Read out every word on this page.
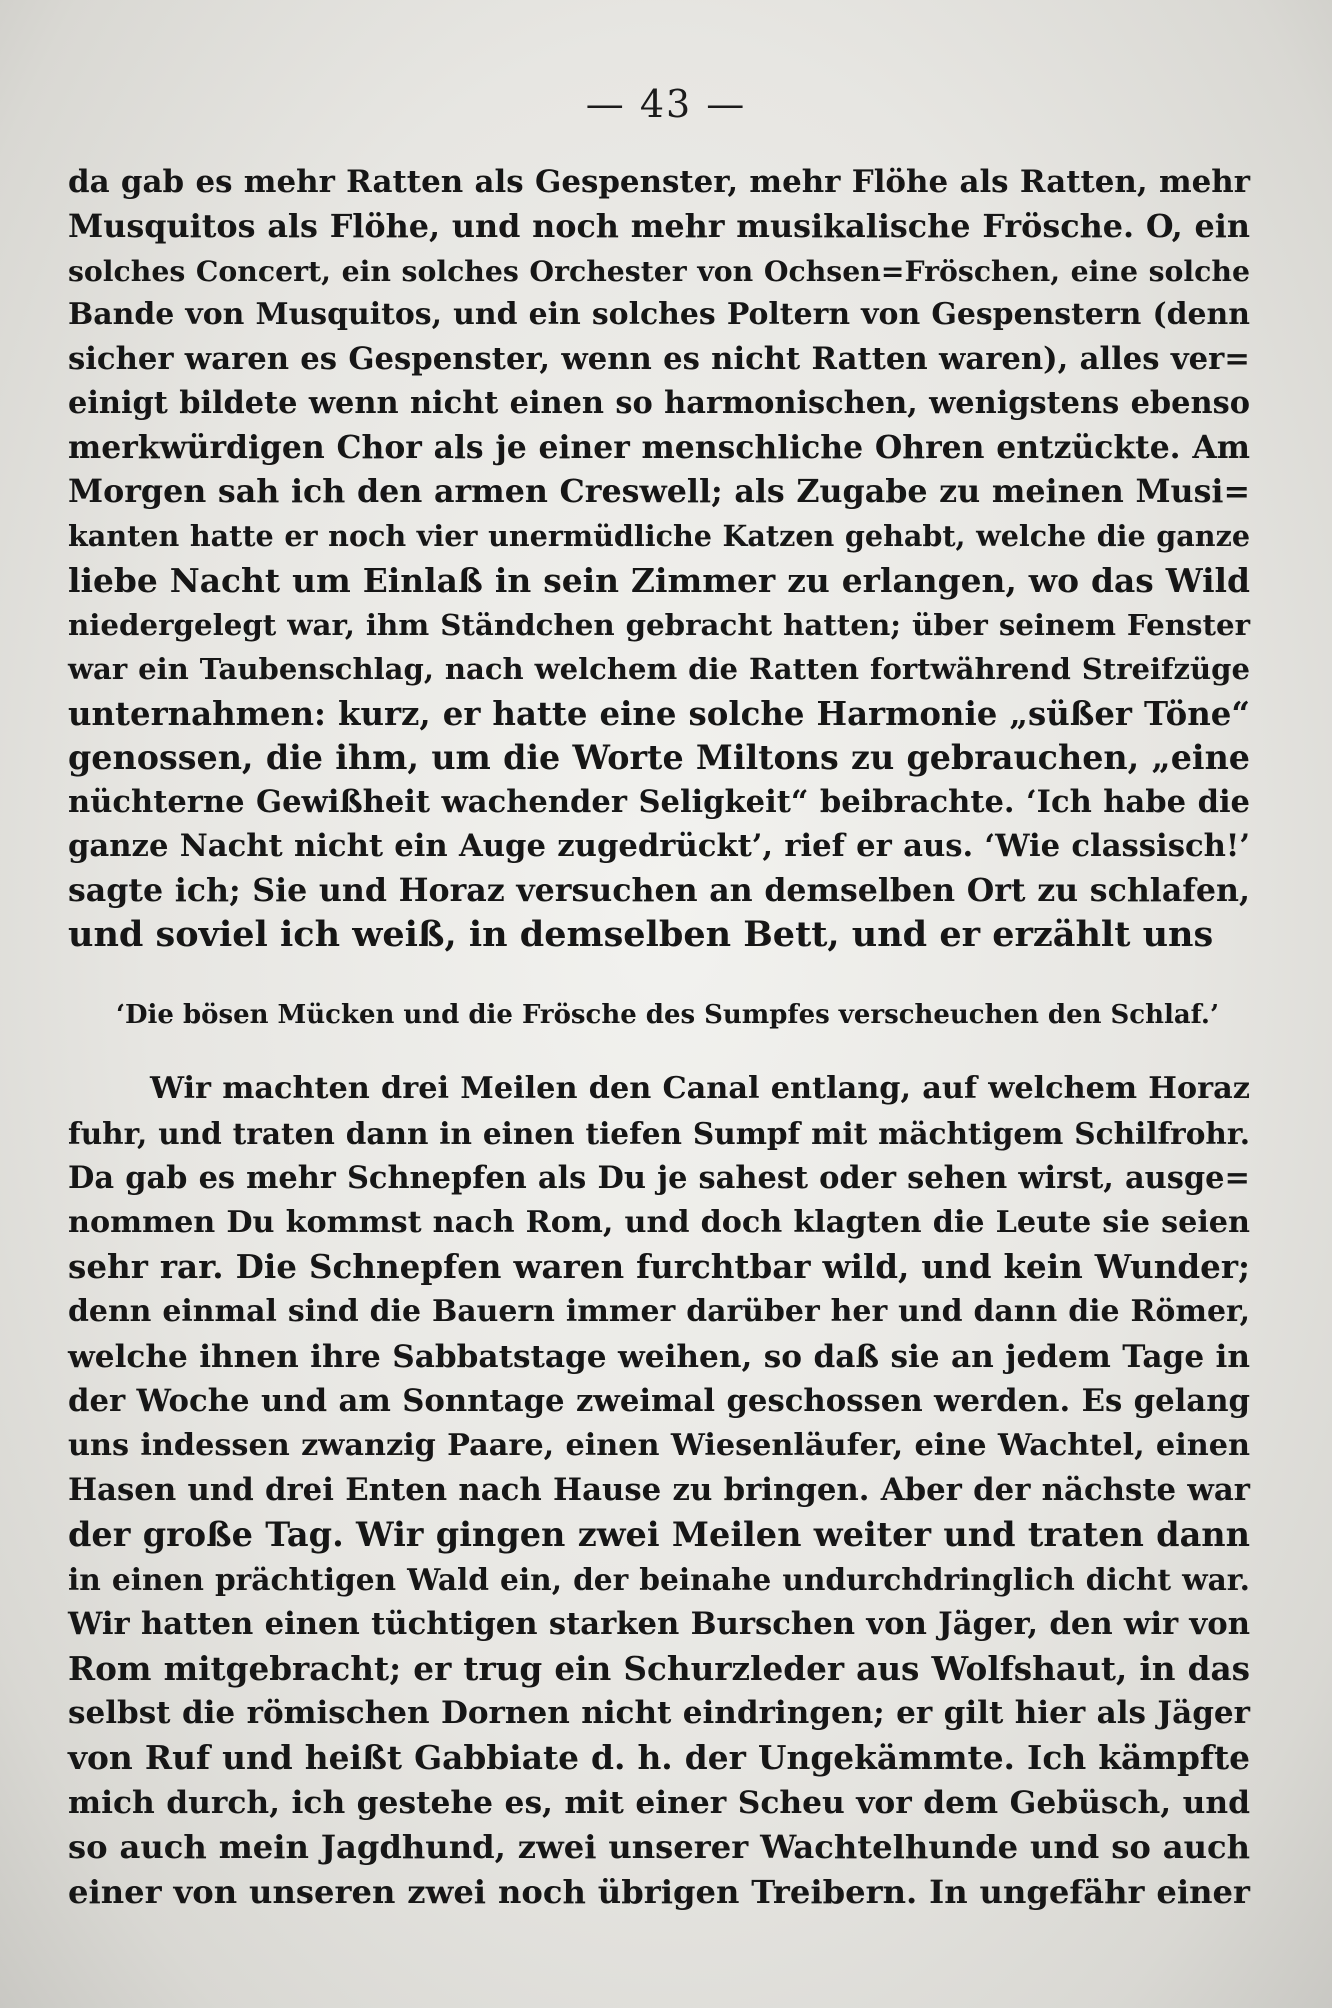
— 43 —
da gab es mehr Ratten als Gespenster, mehr Flöhe als Ratten, mehr
Musquitos als Flöhe, und noch mehr musikalische Frösche. O, ein
solches Concert, ein solches Orchester von Ochsen=Fröschen, eine solche
Bande von Musquitos, und ein solches Poltern von Gespenstern (denn
sicher waren es Gespenster, wenn es nicht Ratten waren), alles ver=
einigt bildete wenn nicht einen so harmonischen, wenigstens ebenso
merkwürdigen Chor als je einer menschliche Ohren entzückte. Am
Morgen sah ich den armen Creswell; als Zugabe zu meinen Musi=
kanten hatte er noch vier unermüdliche Katzen gehabt, welche die ganze
liebe Nacht um Einlaß in sein Zimmer zu erlangen, wo das Wild
niedergelegt war, ihm Ständchen gebracht hatten; über seinem Fenster
war ein Taubenschlag, nach welchem die Ratten fortwährend Streifzüge
unternahmen: kurz, er hatte eine solche Harmonie „süßer Töne“
genossen, die ihm, um die Worte Miltons zu gebrauchen, „eine
nüchterne Gewißheit wachender Seligkeit“ beibrachte. ‘Ich habe die
ganze Nacht nicht ein Auge zugedrückt’, rief er aus. ‘Wie classisch!’
sagte ich; Sie und Horaz versuchen an demselben Ort zu schlafen,
und soviel ich weiß, in demselben Bett, und er erzählt uns
‘Die bösen Mücken und die Frösche des Sumpfes verscheuchen den Schlaf.’
Wir machten drei Meilen den Canal entlang, auf welchem Horaz
fuhr, und traten dann in einen tiefen Sumpf mit mächtigem Schilfrohr.
Da gab es mehr Schnepfen als Du je sahest oder sehen wirst, ausge=
nommen Du kommst nach Rom, und doch klagten die Leute sie seien
sehr rar. Die Schnepfen waren furchtbar wild, und kein Wunder;
denn einmal sind die Bauern immer darüber her und dann die Römer,
welche ihnen ihre Sabbatstage weihen, so daß sie an jedem Tage in
der Woche und am Sonntage zweimal geschossen werden. Es gelang
uns indessen zwanzig Paare, einen Wiesenläufer, eine Wachtel, einen
Hasen und drei Enten nach Hause zu bringen. Aber der nächste war
der große Tag. Wir gingen zwei Meilen weiter und traten dann
in einen prächtigen Wald ein, der beinahe undurchdringlich dicht war.
Wir hatten einen tüchtigen starken Burschen von Jäger, den wir von
Rom mitgebracht; er trug ein Schurzleder aus Wolfshaut, in das
selbst die römischen Dornen nicht eindringen; er gilt hier als Jäger
von Ruf und heißt Gabbiate d. h. der Ungekämmte. Ich kämpfte
mich durch, ich gestehe es, mit einer Scheu vor dem Gebüsch, und
so auch mein Jagdhund, zwei unserer Wachtelhunde und so auch
einer von unseren zwei noch übrigen Treibern. In ungefähr einer
